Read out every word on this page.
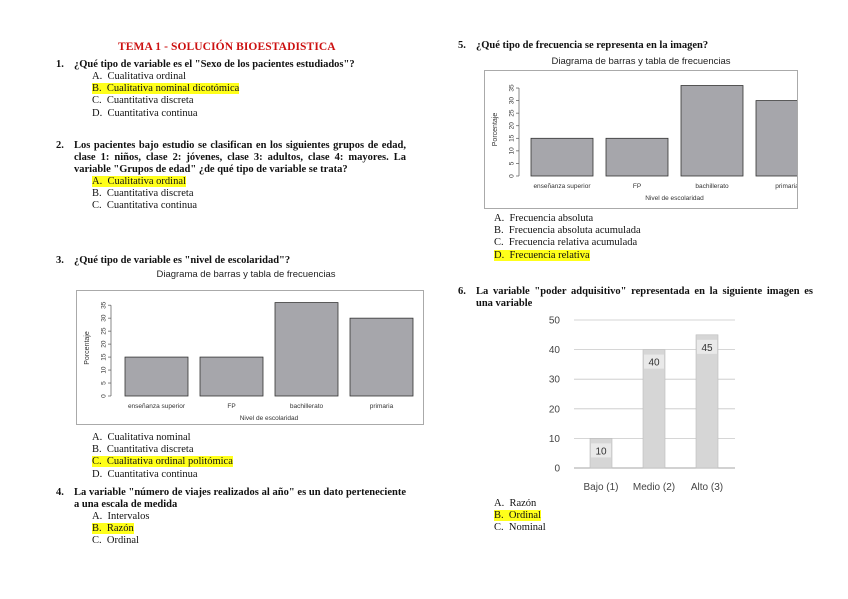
TEMA 1 - SOLUCIÓN BIOESTADISTICA
1. ¿Qué tipo de variable es el "Sexo de los pacientes estudiados"?
A. Cualitativa ordinal
B. Cualitativa nominal dicotómica
C. Cuantitativa discreta
D. Cuantitativa continua
2. Los pacientes bajo estudio se clasifican en los siguientes grupos de edad, clase 1: niños, clase 2: jóvenes, clase 3: adultos, clase 4: mayores. La variable "Grupos de edad" ¿de qué tipo de variable se trata?
A. Cualitativa ordinal
B. Cuantitativa discreta
C. Cuantitativa continua
3. ¿Qué tipo de variable es "nivel de escolaridad"?
Diagrama de barras y tabla de frecuencias
0
5
10
15
20
25
30
35
Porcentaje
enseñanza superior	FP	bachillerato	primaria
Nivel de escolaridad
A. Cualitativa nominal
B. Cuantitativa discreta
C. Cualitativa ordinal politómica
D. Cuantitativa continua
4. La variable "número de viajes realizados al año" es un dato perteneciente a una escala de medida
A. Intervalos
B. Razón
C. Ordinal
5. ¿Qué tipo de frecuencia se representa en la imagen?
Diagrama de barras y tabla de frecuencias
0
5
10
15
20
25
30
35
Porcentaje
enseñanza superior	FP	bachillerato	primaria
Nivel de escolaridad
A. Frecuencia absoluta
B. Frecuencia absoluta acumulada
C. Frecuencia relativa acumulada
D. Frecuencia relativa
6. La variable "poder adquisitivo" representada en la siguiente imagen es una variable
0
10
20
30
40
50
10
Bajo (1)
40
Medio (2)
45
Alto (3)
A. Razón
B. Ordinal
C. Nominal
